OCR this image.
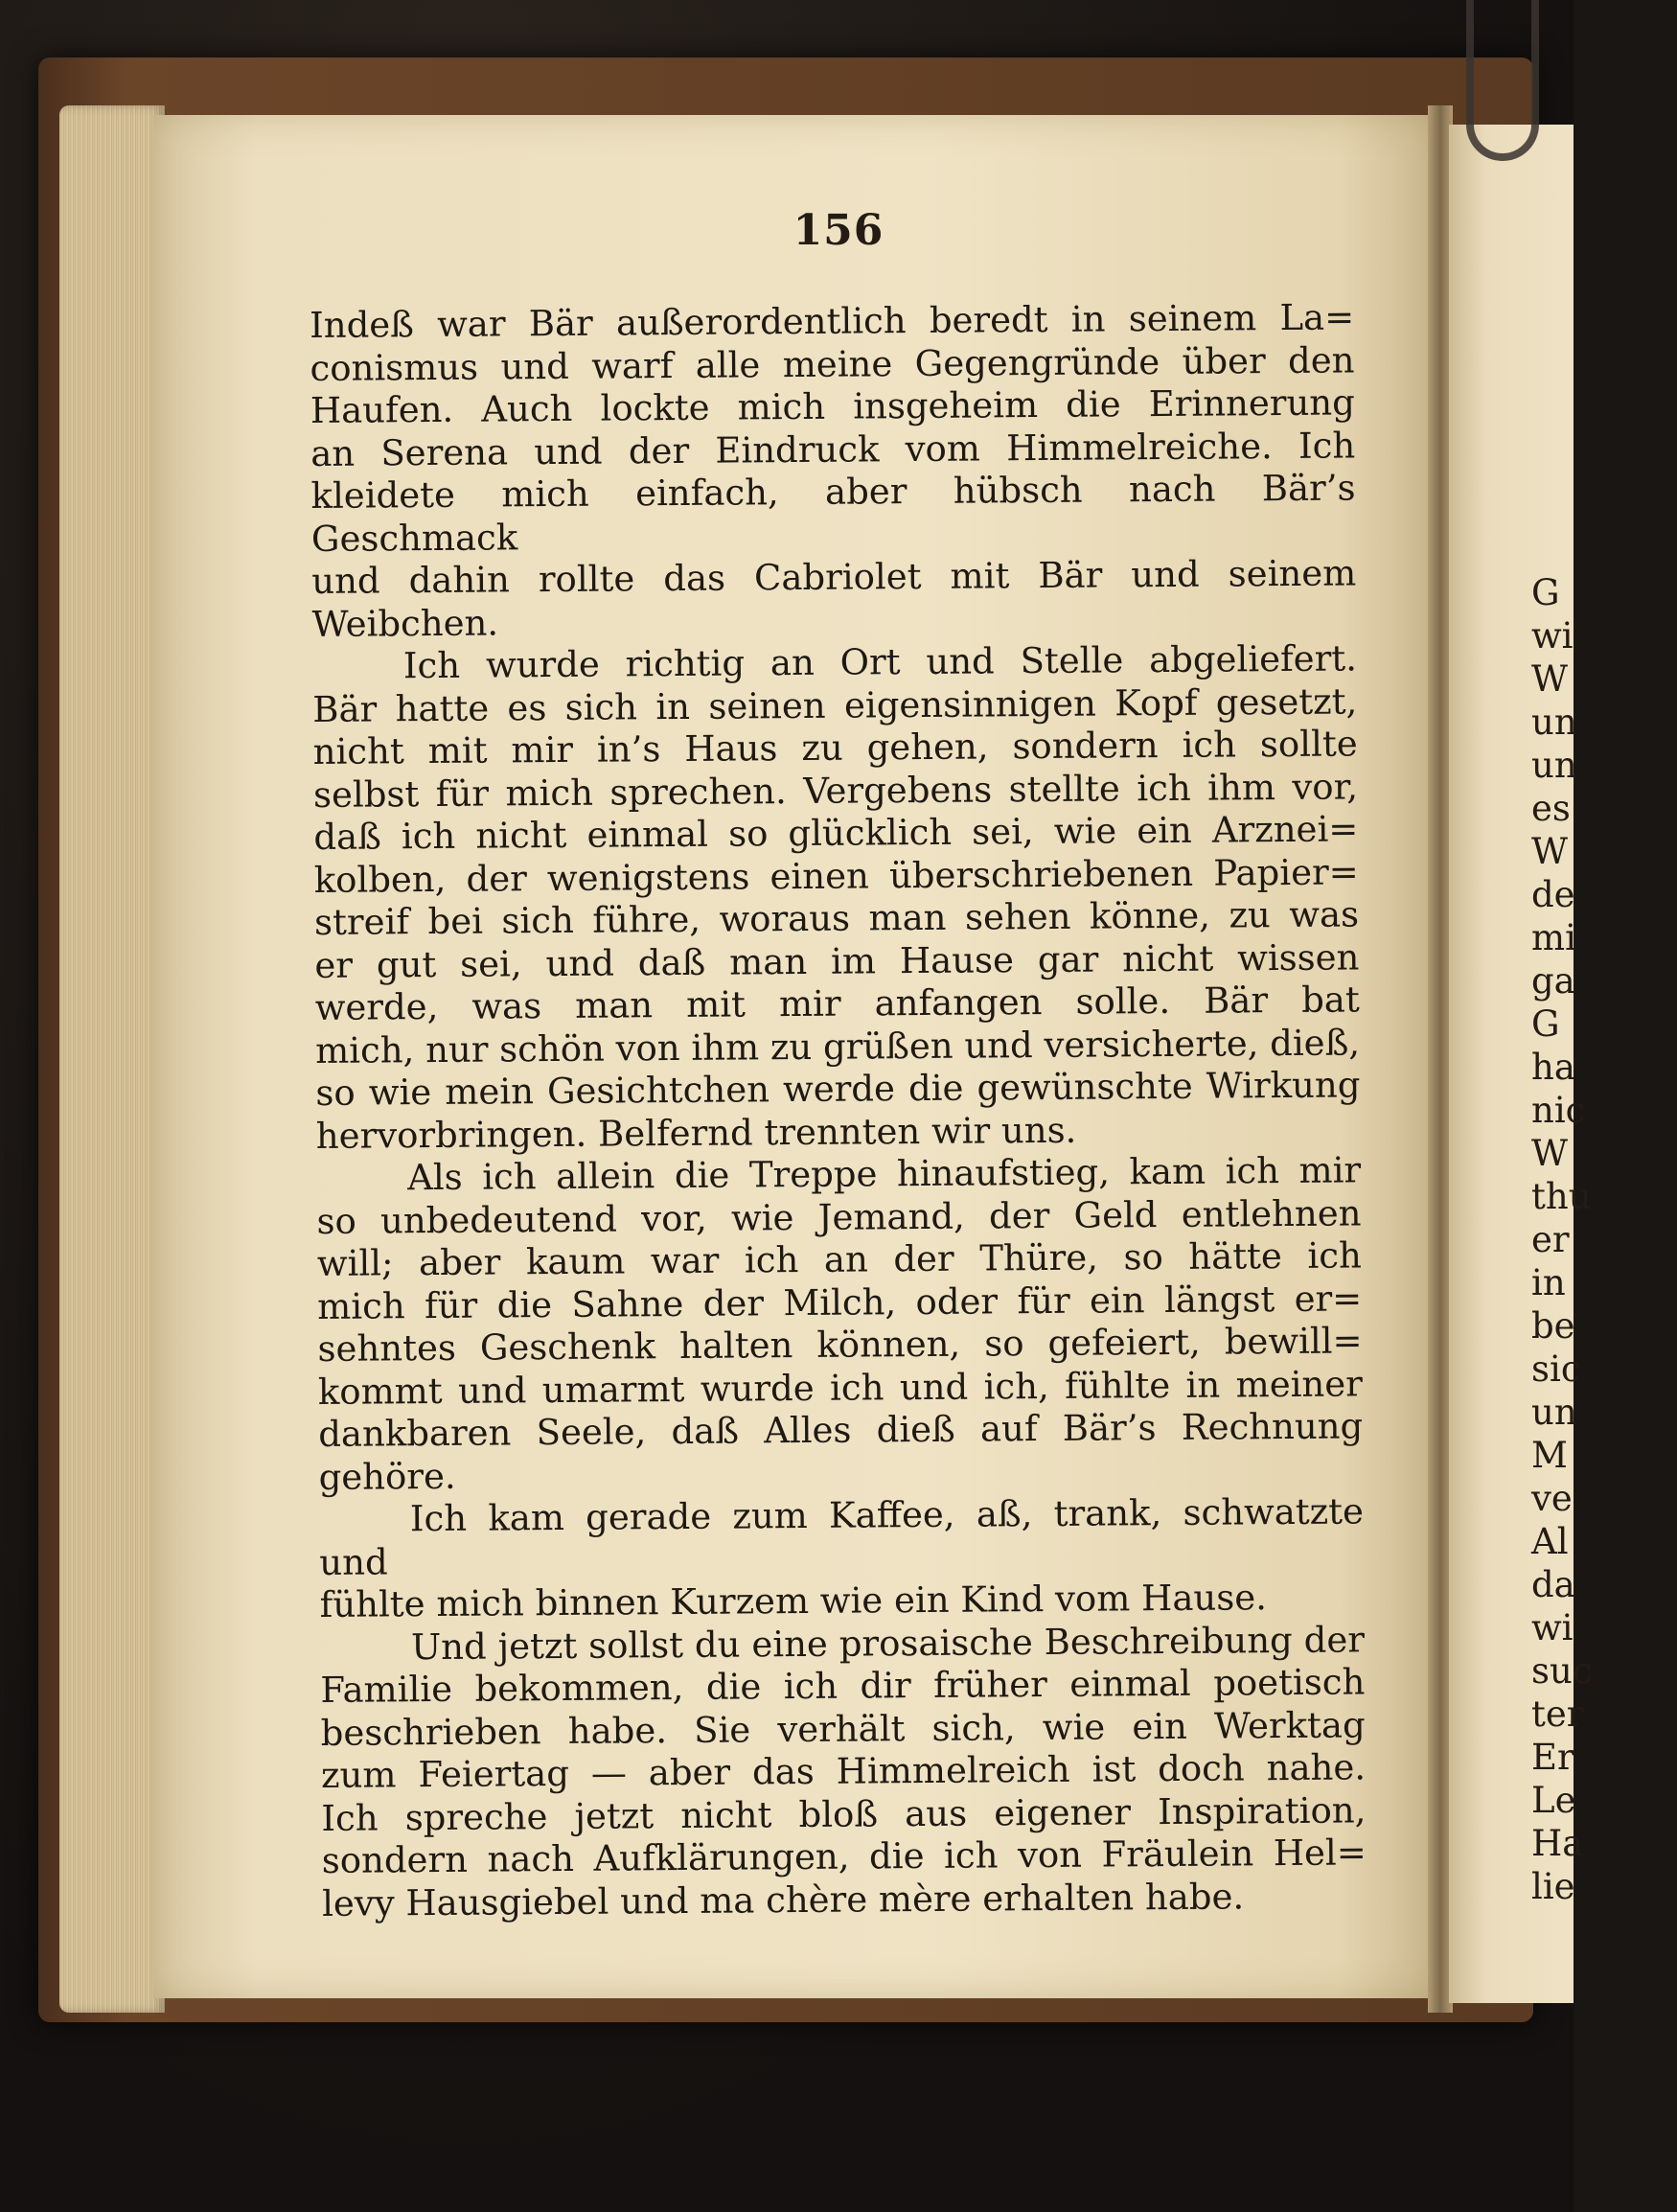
156
Indeß war Bär außerordentlich beredt in seinem La=
conismus und warf alle meine Gegengründe über den
Haufen. Auch lockte mich insgeheim die Erinnerung
an Serena und der Eindruck vom Himmelreiche. Ich
kleidete mich einfach, aber hübsch nach Bär’s Geschmack
und dahin rollte das Cabriolet mit Bär und seinem
Weibchen.
Ich wurde richtig an Ort und Stelle abgeliefert.
Bär hatte es sich in seinen eigensinnigen Kopf gesetzt,
nicht mit mir in’s Haus zu gehen, sondern ich sollte
selbst für mich sprechen. Vergebens stellte ich ihm vor,
daß ich nicht einmal so glücklich sei, wie ein Arznei=
kolben, der wenigstens einen überschriebenen Papier=
streif bei sich führe, woraus man sehen könne, zu was
er gut sei, und daß man im Hause gar nicht wissen
werde, was man mit mir anfangen solle. Bär bat
mich, nur schön von ihm zu grüßen und versicherte, dieß,
so wie mein Gesichtchen werde die gewünschte Wirkung
hervorbringen. Belfernd trennten wir uns.
Als ich allein die Treppe hinaufstieg, kam ich mir
so unbedeutend vor, wie Jemand, der Geld entlehnen
will; aber kaum war ich an der Thüre, so hätte ich
mich für die Sahne der Milch, oder für ein längst er=
sehntes Geschenk halten können, so gefeiert, bewill=
kommt und umarmt wurde ich und ich, fühlte in meiner
dankbaren Seele, daß Alles dieß auf Bär’s Rechnung
gehöre.
Ich kam gerade zum Kaffee, aß, trank, schwatzte und
fühlte mich binnen Kurzem wie ein Kind vom Hause.
Und jetzt sollst du eine prosaische Beschreibung der
Familie bekommen, die ich dir früher einmal poetisch
beschrieben habe. Sie verhält sich, wie ein Werktag
zum Feiertag — aber das Himmelreich ist doch nahe.
Ich spreche jetzt nicht bloß aus eigener Inspiration,
sondern nach Aufklärungen, die ich von Fräulein Hel=
levy Hausgiebel und ma chère mère erhalten habe.
G
wi
W
un
un
es
W
de
mi
ga
G
ha
nic
W
thu
er
in
be
sic
un
M
ve
Al
da
wi
suc
ter
Er
Le
Ha
lie
